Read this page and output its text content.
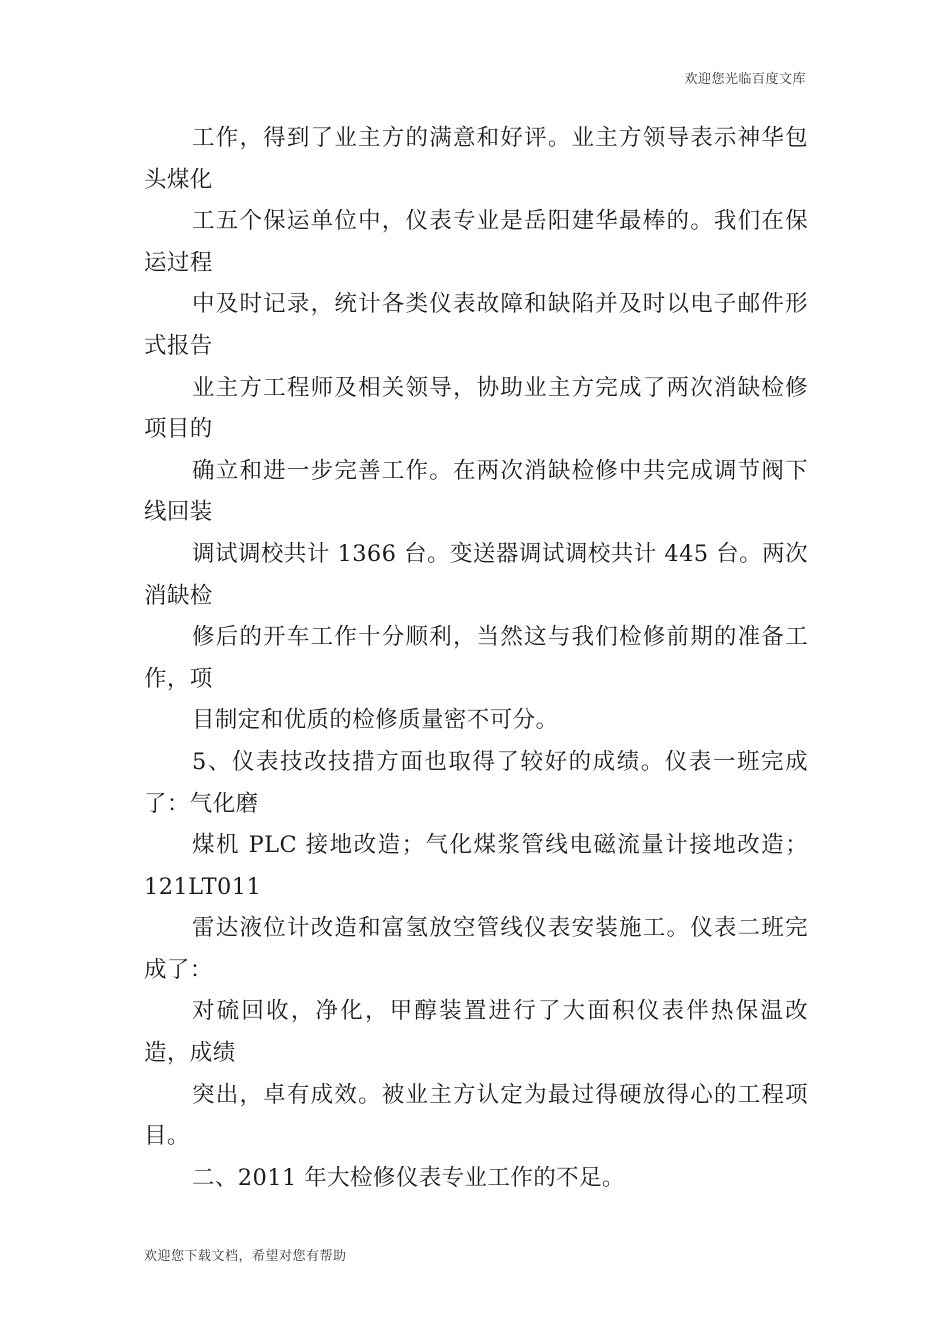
欢迎您光临百度文库

工作，得到了业主方的满意和好评。业主方领导表示神华包头煤化

工五个保运单位中，仪表专业是岳阳建华最棒的。我们在保运过程

中及时记录，统计各类仪表故障和缺陷并及时以电子邮件形式报告

业主方工程师及相关领导，协助业主方完成了两次消缺检修项目的

确立和进一步完善工作。在两次消缺检修中共完成调节阀下线回装

调试调校共计 1366 台。变送器调试调校共计 445 台。两次消缺检

修后的开车工作十分顺利，当然这与我们检修前期的准备工作，项

目制定和优质的检修质量密不可分。

5、仪表技改技措方面也取得了较好的成绩。仪表一班完成了：气化磨

煤机 PLC 接地改造；气化煤浆管线电磁流量计接地改造；121LT011

雷达液位计改造和富氢放空管线仪表安装施工。仪表二班完成了：

对硫回收，净化，甲醇装置进行了大面积仪表伴热保温改造，成绩

突出，卓有成效。被业主方认定为最过得硬放得心的工程项目。

二、2011 年大检修仪表专业工作的不足。

欢迎您下载文档，希望对您有帮助
